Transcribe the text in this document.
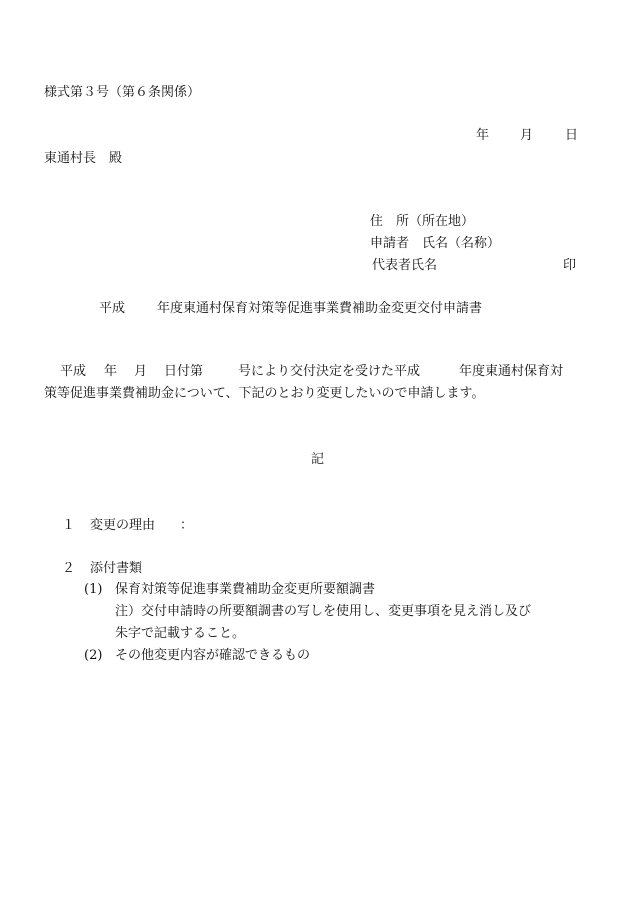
様式第３号（第６条関係）
年 月 日
東通村長　殿
住　所（所在地）
申請者　氏名（名称）
代表者氏名	印
平成 年度東通村保育対策等促進事業費補助金変更交付申請書
平成 年 月 日付第	号により交付決定を受けた平成	年度東通村保育対
策等促進事業費補助金について、下記のとおり変更したいので申請します。
記
１ 変更の理由 ：
２ 添付書類
(1) 保育対策等促進事業費補助金変更所要額調書
注）交付申請時の所要額調書の写しを使用し、変更事項を見え消し及び
朱字で記載すること。
(2) その他変更内容が確認できるもの
